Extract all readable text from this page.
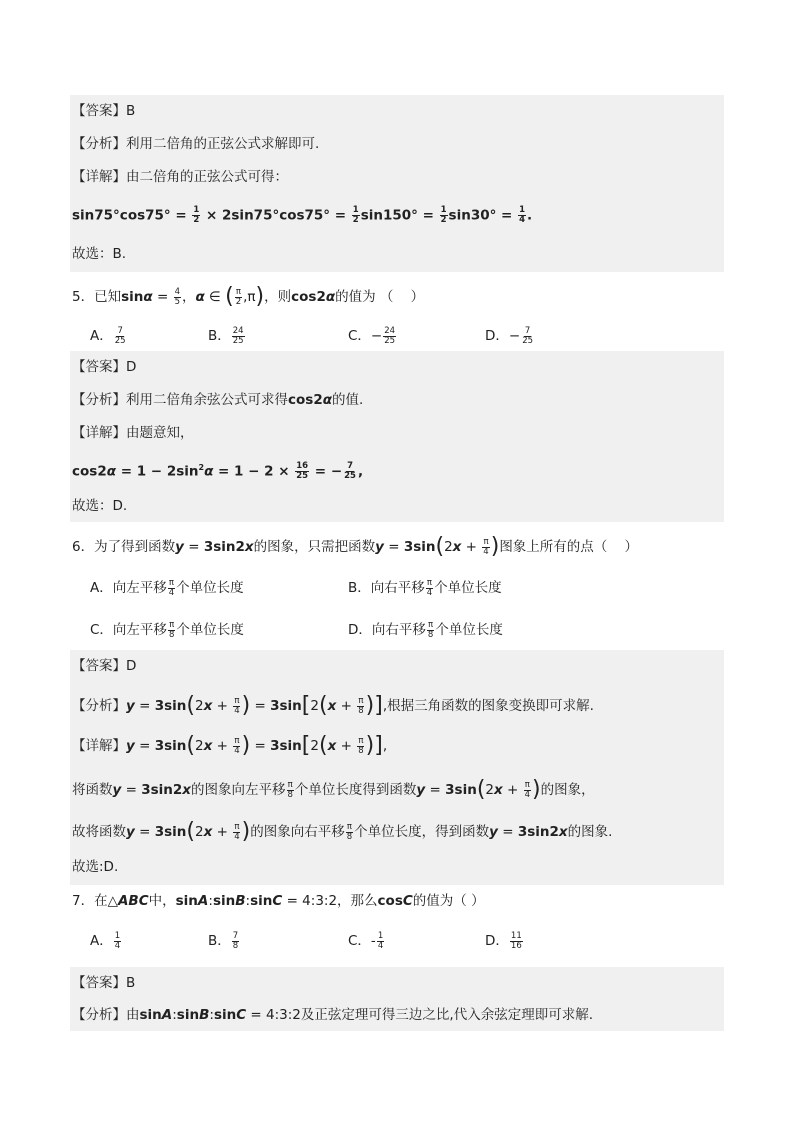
【答案】B
【分析】利用二倍角的正弦公式求解即可.
【详解】由二倍角的正弦公式可得：
$\sin 75^\circ\cos 75^\circ = \frac{1}{2} \times 2\sin 75^\circ\cos 75^\circ = \frac{1}{2} \sin 150^\circ = \frac{1}{2} \sin 30^\circ = \frac{1}{4}$ .
故选：B.
5．已知$\sin\alpha = \frac{4}{5}$ ，α ∈ ( $\frac{\pi}{2} ,\pi$)，则cos2α的值为 （    ）
A． $\frac{7}{25}$	B． $\frac{24}{25}$	C．− $\frac{24}{25}$	D．− $\frac{7}{25}$
【答案】D
【分析】利用二倍角余弦公式可求得cos2α的值.
【详解】由题意知，
$\cos 2\alpha = 1 - 2\sin^2\alpha = 1 - 2 \times \frac{16}{25}$ = − $\frac{7}{25}$ ,
故选：D.
6．为了得到函数y = 3sin2x的图象，只需把函数$y = 3\sin(2x + \frac{\pi}{4}$ )图象上所有的点（    ）
A．向左平移 $\frac{\pi}{4}$ 个单位长度	B．向右平移 $\frac{\pi}{4}$ 个单位长度
C．向左平移 $\frac{\pi}{8}$ 个单位长度	D．向右平移 $\frac{\pi}{8}$ 个单位长度
【答案】D
【分析】$y = 3\sin(2x + \frac{\pi}{4}$ ) = $3\sin[2(x + \frac{\pi}{8}$ )],根据三角函数的图象变换即可求解.
【详解】$y = 3\sin(2x + \frac{\pi}{4}$ ) = $3\sin[2(x + \frac{\pi}{8}$ )],
将函数y = 3sin2x的图象向左平移 $\frac{\pi}{8}$ 个单位长度得到函数$y = 3\sin(2x + \frac{\pi}{4}$ )的图象，
故将函数$y = 3\sin(2x + \frac{\pi}{4}$ )的图象向右平移 $\frac{\pi}{8}$ 个单位长度，得到函数y = 3sin2x的图象.
故选:D.
7．在△ABC中，sinA:sinB:sinC = 4:3:2，那么cosC的值为（ ）
A． $\frac{1}{4}$	B． $\frac{7}{8}$	C．- $\frac{1}{4}$	D． $\frac{11}{16}$
【答案】B
【分析】由sinA:sinB:sinC = 4:3:2及正弦定理可得三边之比,代入余弦定理即可求解.
